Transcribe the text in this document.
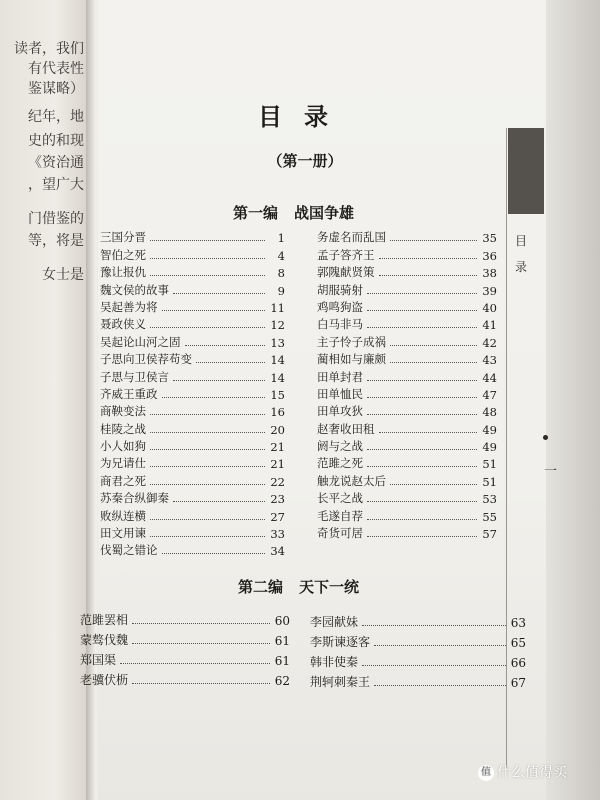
读者，我们
有代表性
鉴谋略）
纪年，地
史的和现
《资治通
，望广大
门借鉴的
等，将是
女士是
目录
（第一册）
第一编 战国争雄
三国分晋	1
智伯之死	4
豫让报仇	8
魏文侯的故事	9
吴起善为将	11
聂政侠义	12
吴起论山河之固	13
子思向卫侯荐苟变	14
子思与卫侯言	14
齐威王重政	15
商鞅变法	16
桂陵之战	20
小人如狗	21
为兄请仕	21
商君之死	22
苏秦合纵御秦	23
败纵连横	27
田文用谏	33
伐蜀之错论	34
务虚名而乱国	35
孟子答齐王	36
郭隗献贤策	38
胡服骑射	39
鸡鸣狗盗	40
白马非马	41
主子怜子成祸	42
蔺相如与廉颇	43
田单封君	44
田单恤民	47
田单攻狄	48
赵奢收田租	49
阏与之战	49
范雎之死	51
触龙说赵太后	51
长平之战	53
毛遂自荐	55
奇货可居	57
第二编 天下一统
范雎罢相	60
蒙骜伐魏	61
郑国渠	61
老骥伏枥	62
李园献妹	63
李斯谏逐客	65
韩非使秦	66
荆轲刺秦王	67
目
录
一
值 什么值得买
